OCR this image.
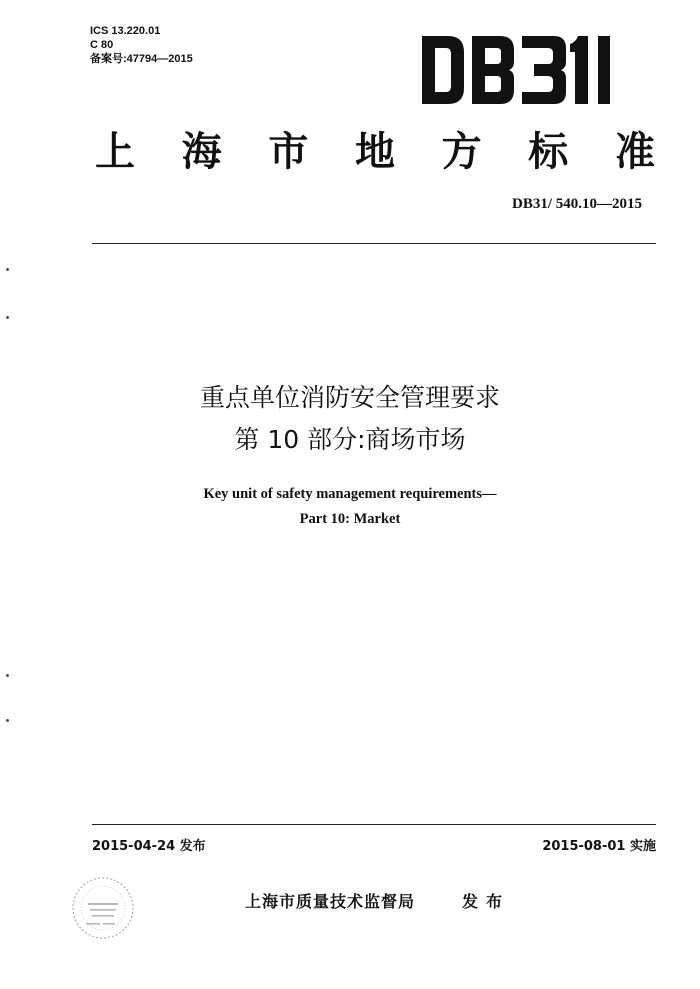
ICS 13.220.01
C 80
备案号:47794—2015
上 海 市 地 方 标 准
DB31/ 540.10—2015
重点单位消防安全管理要求
第 10 部分:商场市场
Key unit of safety management requirements—
Part 10: Market
2015-04-24 发布	2015-08-01 实施
上海市质量技术监督局	发布
